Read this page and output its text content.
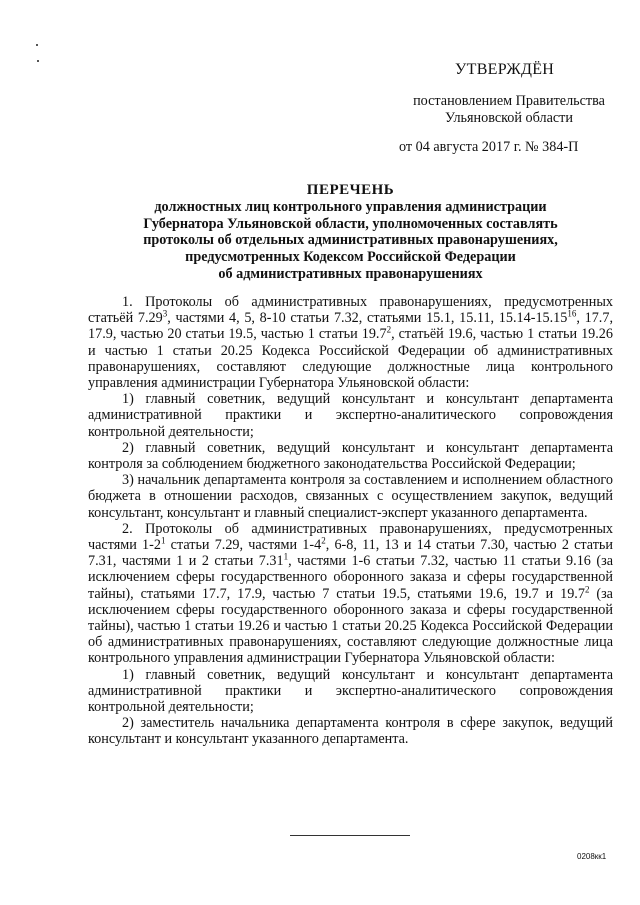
УТВЕРЖДЁН
постановлением Правительства
Ульяновской области
от 04 августа 2017 г. № 384-П
ПЕРЕЧЕНЬ
должностных лиц контрольного управления администрации
Губернатора Ульяновской области, уполномоченных составлять
протоколы об отдельных административных правонарушениях,
предусмотренных Кодексом Российской Федерации
об административных правонарушениях

1. Протоколы об административных правонарушениях, предусмотренных статьёй 7.29$^3$, частями 4, 5, 8-10 статьи 7.32, статьями 15.1, 15.11, 15.14-15.15$^{16}$, 17.7, 17.9, частью 20 статьи 19.5, частью 1 статьи 19.7$^2$, статьёй 19.6, частью 1 статьи 19.26 и частью 1 статьи 20.25 Кодекса Российской Федерации об административных правонарушениях, составляют следующие должностные лица контрольного управления администрации Губернатора Ульяновской области:

1) главный советник, ведущий консультант и консультант департамента административной практики и экспертно-аналитического сопровождения контрольной деятельности;

2) главный советник, ведущий консультант и консультант департамента контроля за соблюдением бюджетного законодательства Российской Федерации;

3) начальник департамента контроля за составлением и исполнением областного бюджета в отношении расходов, связанных с осуществлением закупок, ведущий консультант, консультант и главный специалист-эксперт указанного департамента.

2. Протоколы об административных правонарушениях, предусмотренных частями $1-2^1$ статьи 7.29, частями $1-4^2$, 6-8, 11, 13 и 14 статьи 7.30, частью 2 статьи 7.31, частями 1 и 2 статьи 7.31$^1$, частями 1-6 статьи 7.32, частью 11 статьи 9.16 (за исключением сферы государственного оборонного заказа и сферы государственной тайны), статьями 17.7, 17.9, частью 7 статьи 19.5, статьями 19.6, 19.7 и 19.7$^2$ (за исключением сферы государственного оборонного заказа и сферы государственной тайны), частью 1 статьи 19.26 и частью 1 статьи 20.25 Кодекса Российской Федерации об административных правонарушениях, составляют следующие должностные лица контрольного управления администрации Губернатора Ульяновской области:

1) главный советник, ведущий консультант и консультант департамента административной практики и экспертно-аналитического сопровождения контрольной деятельности;

2) заместитель начальника департамента контроля в сфере закупок, ведущий консультант и консультант указанного департамента.

0208кк1
